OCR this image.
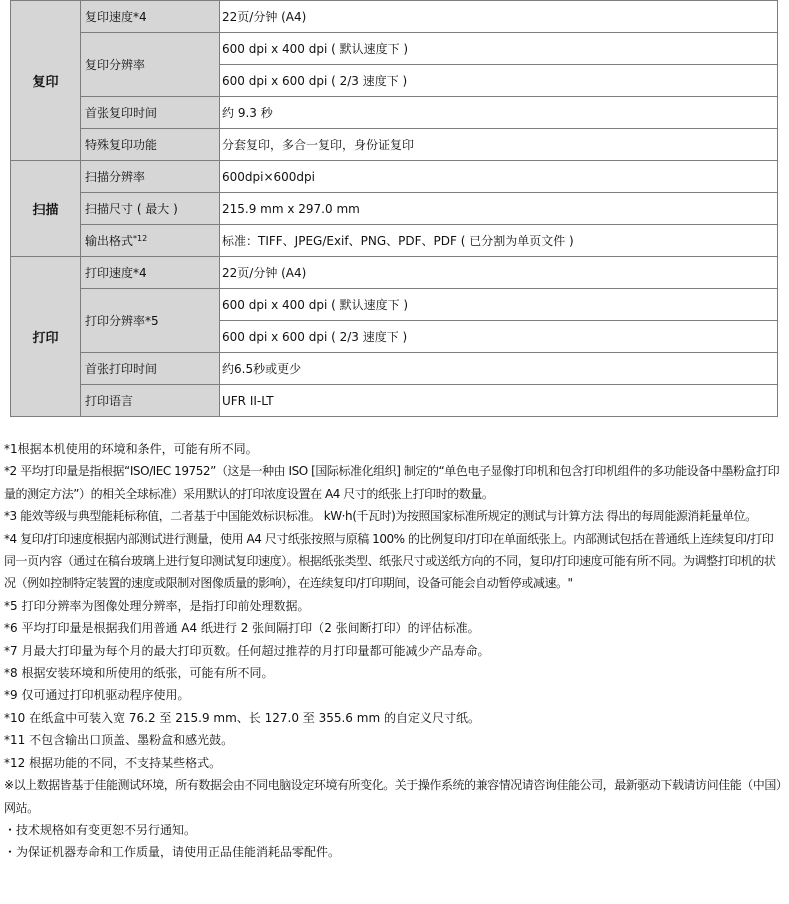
复印	复印速度*4	22页/分钟 (A4)
	复印分辨率	600 dpi x 400 dpi ( 默认速度下 )
		600 dpi x 600 dpi ( 2/3 速度下 )
	首张复印时间	约 9.3 秒
	特殊复印功能	分套复印，多合一复印，身份证复印
扫描	扫描分辨率	600dpi×600dpi
	扫描尺寸 ( 最大 )	215.9 mm x 297.0 mm
	输出格式$^{*12}$	标准：TIFF、JPEG/Exif、PNG、PDF、PDF ( 已分割为单页文件 )
打印	打印速度*4	22页/分钟 (A4)
	打印分辨率*5	600 dpi x 400 dpi ( 默认速度下 )
		600 dpi x 600 dpi ( 2/3 速度下 )
	首张打印时间	约6.5秒或更少
	打印语言	UFR II-LT

*1根据本机使用的环境和条件，可能有所不同。

*2 平均打印量是指根据“ISO/IEC 19752”（这是一种由 ISO [国际标准化组织] 制定的“单色电子显像打印机和包含打印机组件的多功能设备中墨粉盒打印量的测定方法”）的相关全球标准）采用默认的打印浓度设置在 A4 尺寸的纸张上打印时的数量。

*3 能效等级与典型能耗标称值，二者基于中国能效标识标准。 kW·h(千瓦时)为按照国家标准所规定的测试与计算方法 得出的每周能源消耗量单位。

*4 复印/打印速度根据内部测试进行测量，使用 A4 尺寸纸张按照与原稿 100% 的比例复印/打印在单面纸张上。内部测试包括在普通纸上连续复印/打印同一页内容（通过在稿台玻璃上进行复印测试复印速度）。根据纸张类型、纸张尺寸或送纸方向的不同，复印/打印速度可能有所不同。为调整打印机的状况（例如控制特定装置的速度或限制对图像质量的影响），在连续复印/打印期间，设备可能会自动暂停或减速。"

*5 打印分辨率为图像处理分辨率，是指打印前处理数据。

*6 平均打印量是根据我们用普通 A4 纸进行 2 张间隔打印（2 张间断打印）的评估标准。

*7 月最大打印量为每个月的最大打印页数。任何超过推荐的月打印量都可能减少产品寿命。

*8 根据安装环境和所使用的纸张，可能有所不同。

*9 仅可通过打印机驱动程序使用。

*10 在纸盒中可装入宽 76.2 至 215.9 mm、长 127.0 至 355.6 mm 的自定义尺寸纸。

*11 不包含输出口顶盖、墨粉盒和感光鼓。

*12 根据功能的不同，不支持某些格式。

※以上数据皆基于佳能测试环境，所有数据会由不同电脑设定环境有所变化。关于操作系统的兼容情况请咨询佳能公司，最新驱动下载请访问佳能（中国）网站。

・技术规格如有变更恕不另行通知。

・为保证机器寿命和工作质量，请使用正品佳能消耗品零配件。
